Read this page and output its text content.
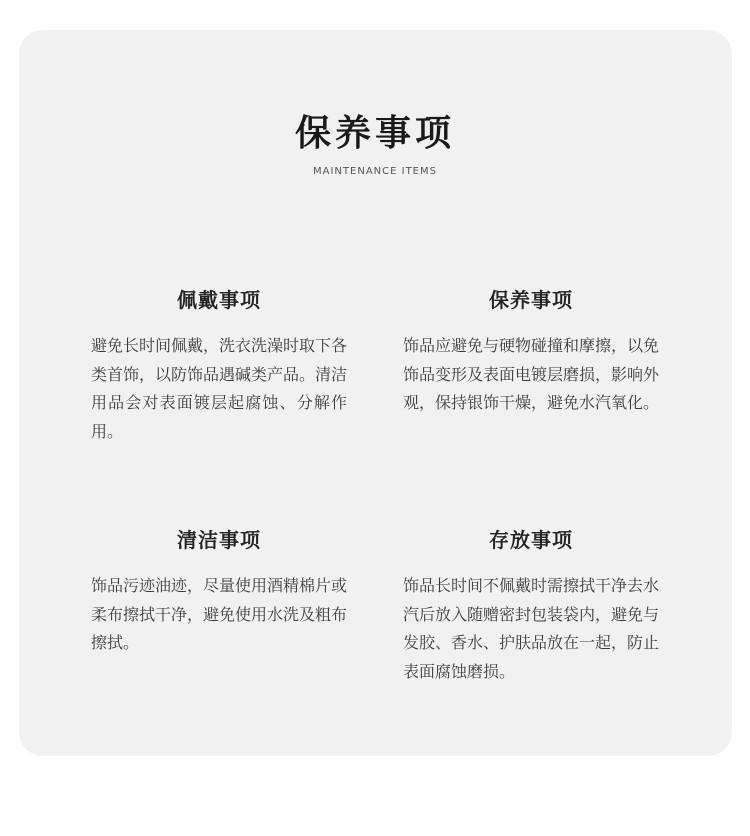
保养事项
MAINTENANCE ITEMS
佩戴事项
避免长时间佩戴，洗衣洗澡时取下各类首饰，以防饰品遇碱类产品。清洁用品会对表面镀层起腐蚀、分解作用。
保养事项
饰品应避免与硬物碰撞和摩擦，以免饰品变形及表面电镀层磨损，影响外观，保持银饰干燥，避免水汽氧化。
清洁事项
饰品污迹油迹，尽量使用酒精棉片或柔布擦拭干净，避免使用水洗及粗布擦拭。
存放事项
饰品长时间不佩戴时需擦拭干净去水汽后放入随赠密封包装袋内，避免与发胶、香水、护肤品放在一起，防止表面腐蚀磨损。
